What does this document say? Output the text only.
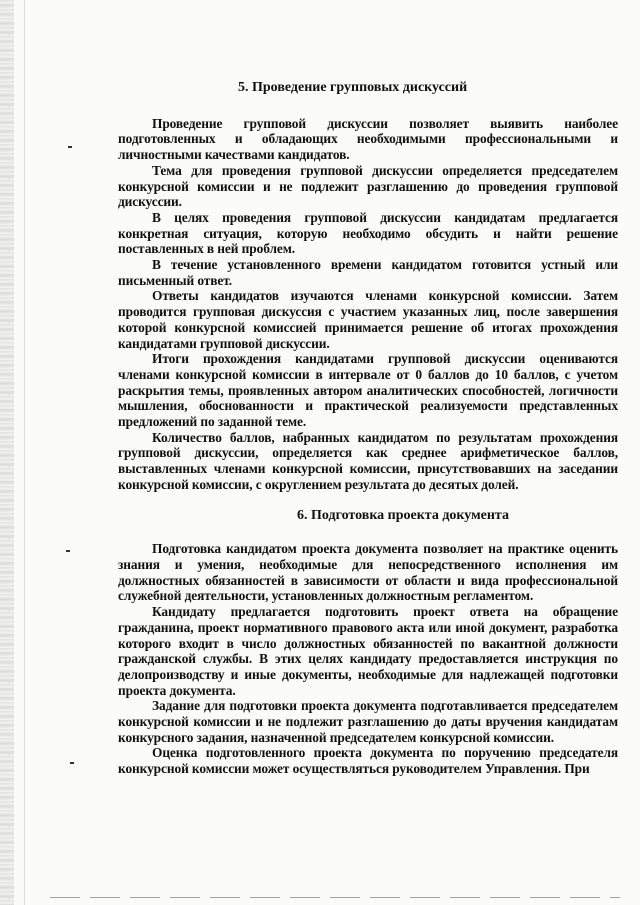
5. Проведение групповых дискуссий

Проведение групповой дискуссии позволяет выявить наиболее подготовленных и обладающих необходимыми профессиональными и личностными качествами кандидатов.

Тема для проведения групповой дискуссии определяется председателем конкурсной комиссии и не подлежит разглашению до проведения групповой дискуссии.

В целях проведения групповой дискуссии кандидатам предлагается конкретная ситуация, которую необходимо обсудить и найти решение поставленных в ней проблем.

В течение установленного времени кандидатом готовится устный или письменный ответ.

Ответы кандидатов изучаются членами конкурсной комиссии. Затем проводится групповая дискуссия с участием указанных лиц, после завершения которой конкурсной комиссией принимается решение об итогах прохождения кандидатами групповой дискуссии.

Итоги прохождения кандидатами групповой дискуссии оцениваются членами конкурсной комиссии в интервале от 0 баллов до 10 баллов, с учетом раскрытия темы, проявленных автором аналитических способностей, логичности мышления, обоснованности и практической реализуемости представленных предложений по заданной теме.

Количество баллов, набранных кандидатом по результатам прохождения групповой дискуссии, определяется как среднее арифметическое баллов, выставленных членами конкурсной комиссии, присутствовавших на заседании конкурсной комиссии, с округлением результата до десятых долей.

6. Подготовка проекта документа

Подготовка кандидатом проекта документа позволяет на практике оценить знания и умения, необходимые для непосредственного исполнения им должностных обязанностей в зависимости от области и вида профессиональной служебной деятельности, установленных должностным регламентом.

Кандидату предлагается подготовить проект ответа на обращение гражданина, проект нормативного правового акта или иной документ, разработка которого входит в число должностных обязанностей по вакантной должности гражданской службы. В этих целях кандидату предоставляется инструкция по делопроизводству и иные документы, необходимые для надлежащей подготовки проекта документа.

Задание для подготовки проекта документа подготавливается председателем конкурсной комиссии и не подлежит разглашению до даты вручения кандидатам конкурсного задания, назначенной председателем конкурсной комиссии.

Оценка подготовленного проекта документа по поручению председателя конкурсной комиссии может осуществляться руководителем Управления. При
